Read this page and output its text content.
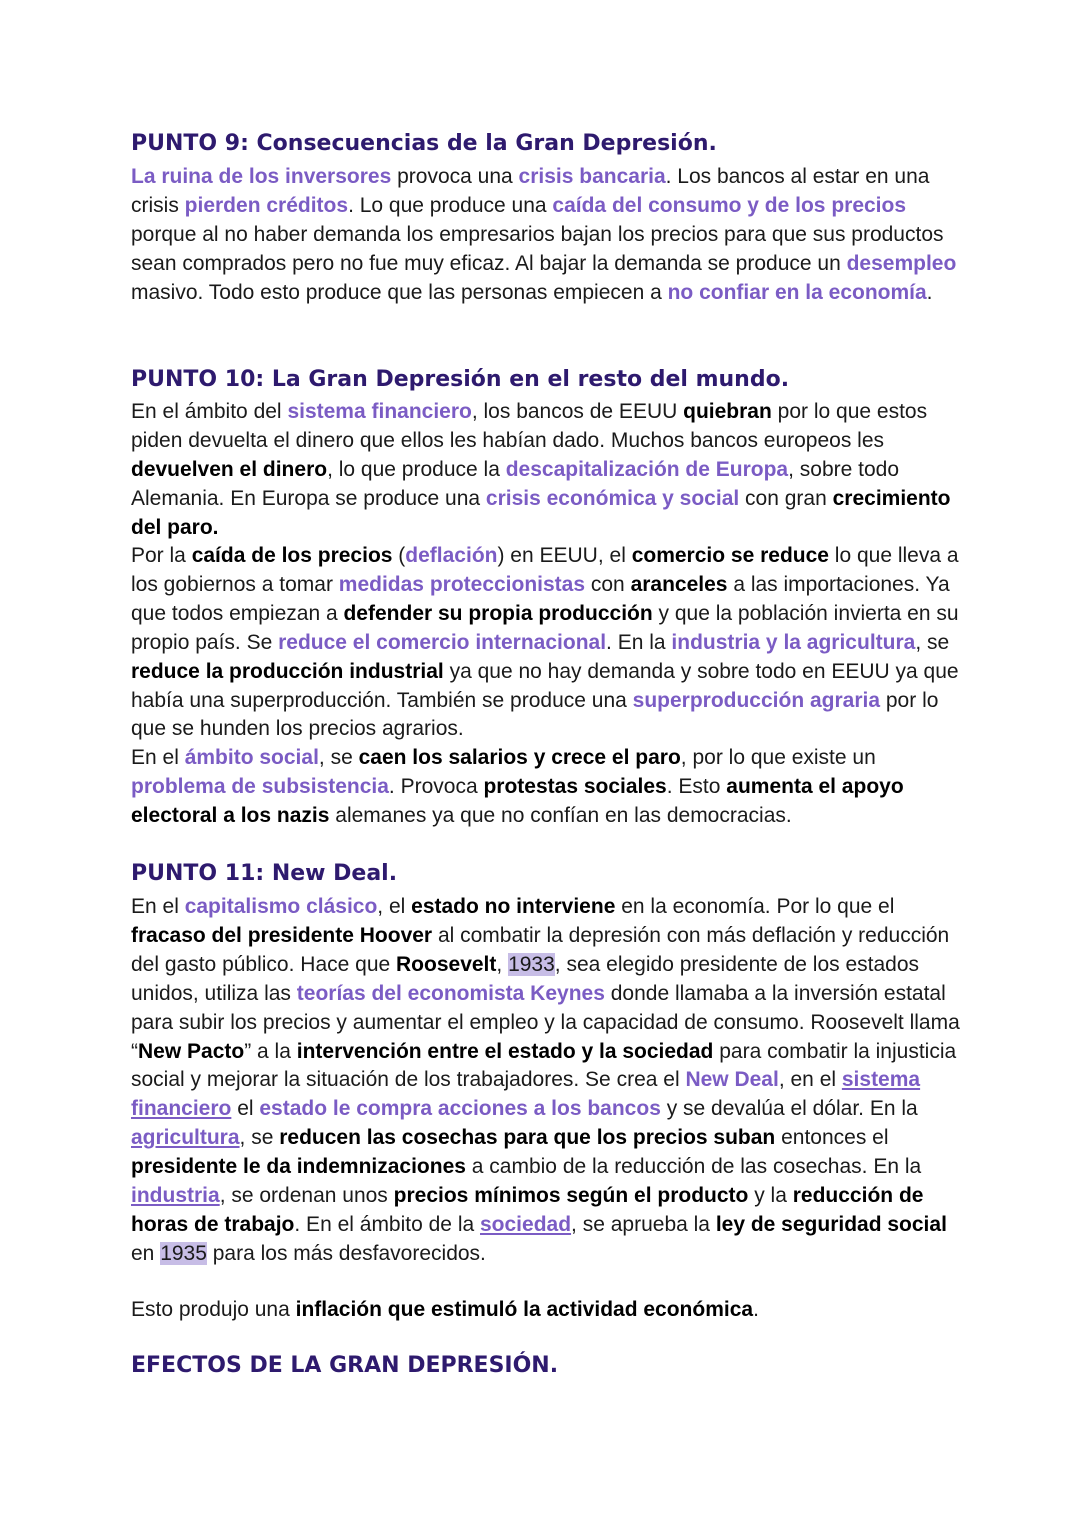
PUNTO 9: Consecuencias de la Gran Depresión.

La ruina de los inversores provoca una crisis bancaria. Los bancos al estar en una crisis pierden créditos. Lo que produce una caída del consumo y de los precios porque al no haber demanda los empresarios bajan los precios para que sus productos sean comprados pero no fue muy eficaz. Al bajar la demanda se produce un desempleo masivo. Todo esto produce que las personas empiecen a no confiar en la economía.

PUNTO 10: La Gran Depresión en el resto del mundo.

En el ámbito del sistema financiero, los bancos de EEUU quiebran por lo que estos piden devuelta el dinero que ellos les habían dado. Muchos bancos europeos les devuelven el dinero, lo que produce la descapitalización de Europa, sobre todo Alemania. En Europa se produce una crisis económica y social con gran crecimiento del paro.

Por la caída de los precios (deflación) en EEUU, el comercio se reduce lo que lleva a los gobiernos a tomar medidas proteccionistas con aranceles a las importaciones. Ya que todos empiezan a defender su propia producción y que la población invierta en su propio país. Se reduce el comercio internacional. En la industria y la agricultura, se reduce la producción industrial ya que no hay demanda y sobre todo en EEUU ya que había una superproducción. También se produce una superproducción agraria por lo que se hunden los precios agrarios.

En el ámbito social, se caen los salarios y crece el paro, por lo que existe un problema de subsistencia. Provoca protestas sociales. Esto aumenta el apoyo electoral a los nazis alemanes ya que no confían en las democracias.

PUNTO 11: New Deal.

En el capitalismo clásico, el estado no interviene en la economía. Por lo que el fracaso del presidente Hoover al combatir la depresión con más deflación y reducción del gasto público. Hace que Roosevelt, 1933, sea elegido presidente de los estados unidos, utiliza las teorías del economista Keynes donde llamaba a la inversión estatal para subir los precios y aumentar el empleo y la capacidad de consumo. Roosevelt llama “New Pacto” a la intervención entre el estado y la sociedad para combatir la injusticia social y mejorar la situación de los trabajadores. Se crea el New Deal, en el sistema financiero el estado le compra acciones a los bancos y se devalúa el dólar. En la agricultura, se reducen las cosechas para que los precios suban entonces el presidente le da indemnizaciones a cambio de la reducción de las cosechas. En la industria, se ordenan unos precios mínimos según el producto y la reducción de horas de trabajo. En el ámbito de la sociedad, se aprueba la ley de seguridad social en 1935 para los más desfavorecidos.

Esto produjo una inflación que estimuló la actividad económica.

EFECTOS DE LA GRAN DEPRESIÓN.
